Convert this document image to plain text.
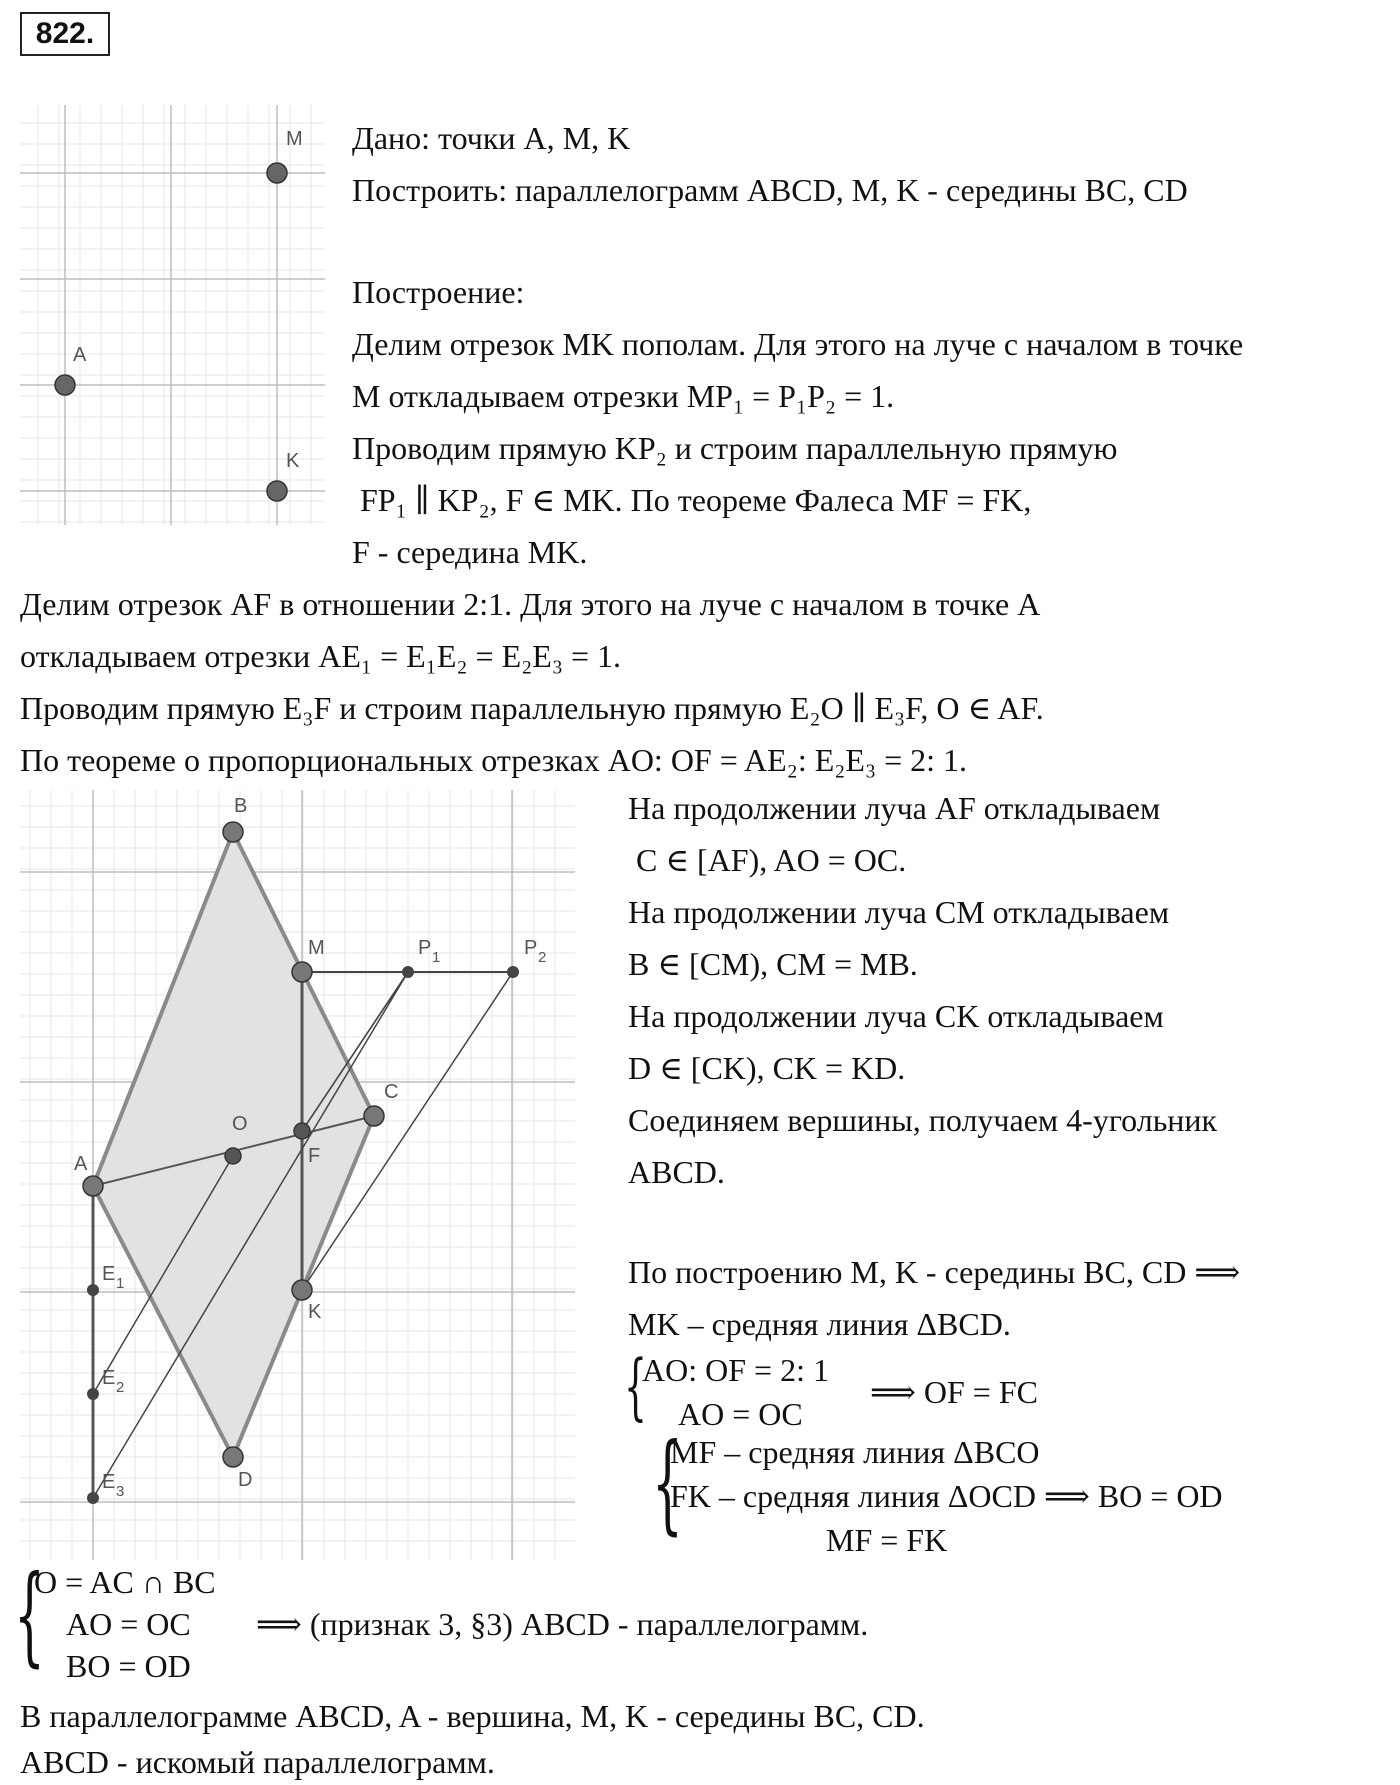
822.
M
A
K
Дано: точки A, M, K
Построить: параллелограмм ABCD, M, K - середины BC, CD
Построение:
Делим отрезок MK пополам. Для этого на луче с началом в точке
M откладываем отрезки MP₁ = P₁P₂ = 1.
Проводим прямую KP₂ и строим параллельную прямую
FP₁ ∥ KP₂, F ∈ MK. По теореме Фалеса MF = FK,
F - середина MK.
Делим отрезок AF в отношении 2:1. Для этого на луче с началом в точке A
откладываем отрезки AE₁ = E₁E₂ = E₂E₃ = 1.
Проводим прямую E₃F и строим параллельную прямую E₂O ∥ E₃F, O ∈ AF.
По теореме о пропорциональных отрезках AO: OF = AE₂: E₂E₃ = 2: 1.
B
M	P 1	P 2
C
O
A	F
E 1
E 2
E 3
K
D
На продолжении луча AF откладываем
C ∈ [AF), AO = OC.
На продолжении луча CM откладываем
B ∈ [CM), CM = MB.
На продолжении луча CK откладываем
D ∈ [CK), CK = KD.
Соединяем вершины, получаем 4-угольник
ABCD.
По построению M, K - середины BC, CD ⟹
MK – средняя линия ΔBCD.
{
AO: OF = 2: 1
AO = OC
⟹ OF = FC
{
MF – средняя линия ΔBCO
FK – средняя линия ΔOCD ⟹ BO = OD
MF = FK
{
O = AC ∩ BC
AO = OC
BO = OD
⟹ (признак 3, §3) ABCD - параллелограмм.
В параллелограмме ABCD, A - вершина, M, K - середины BC, CD.
ABCD - искомый параллелограмм.
